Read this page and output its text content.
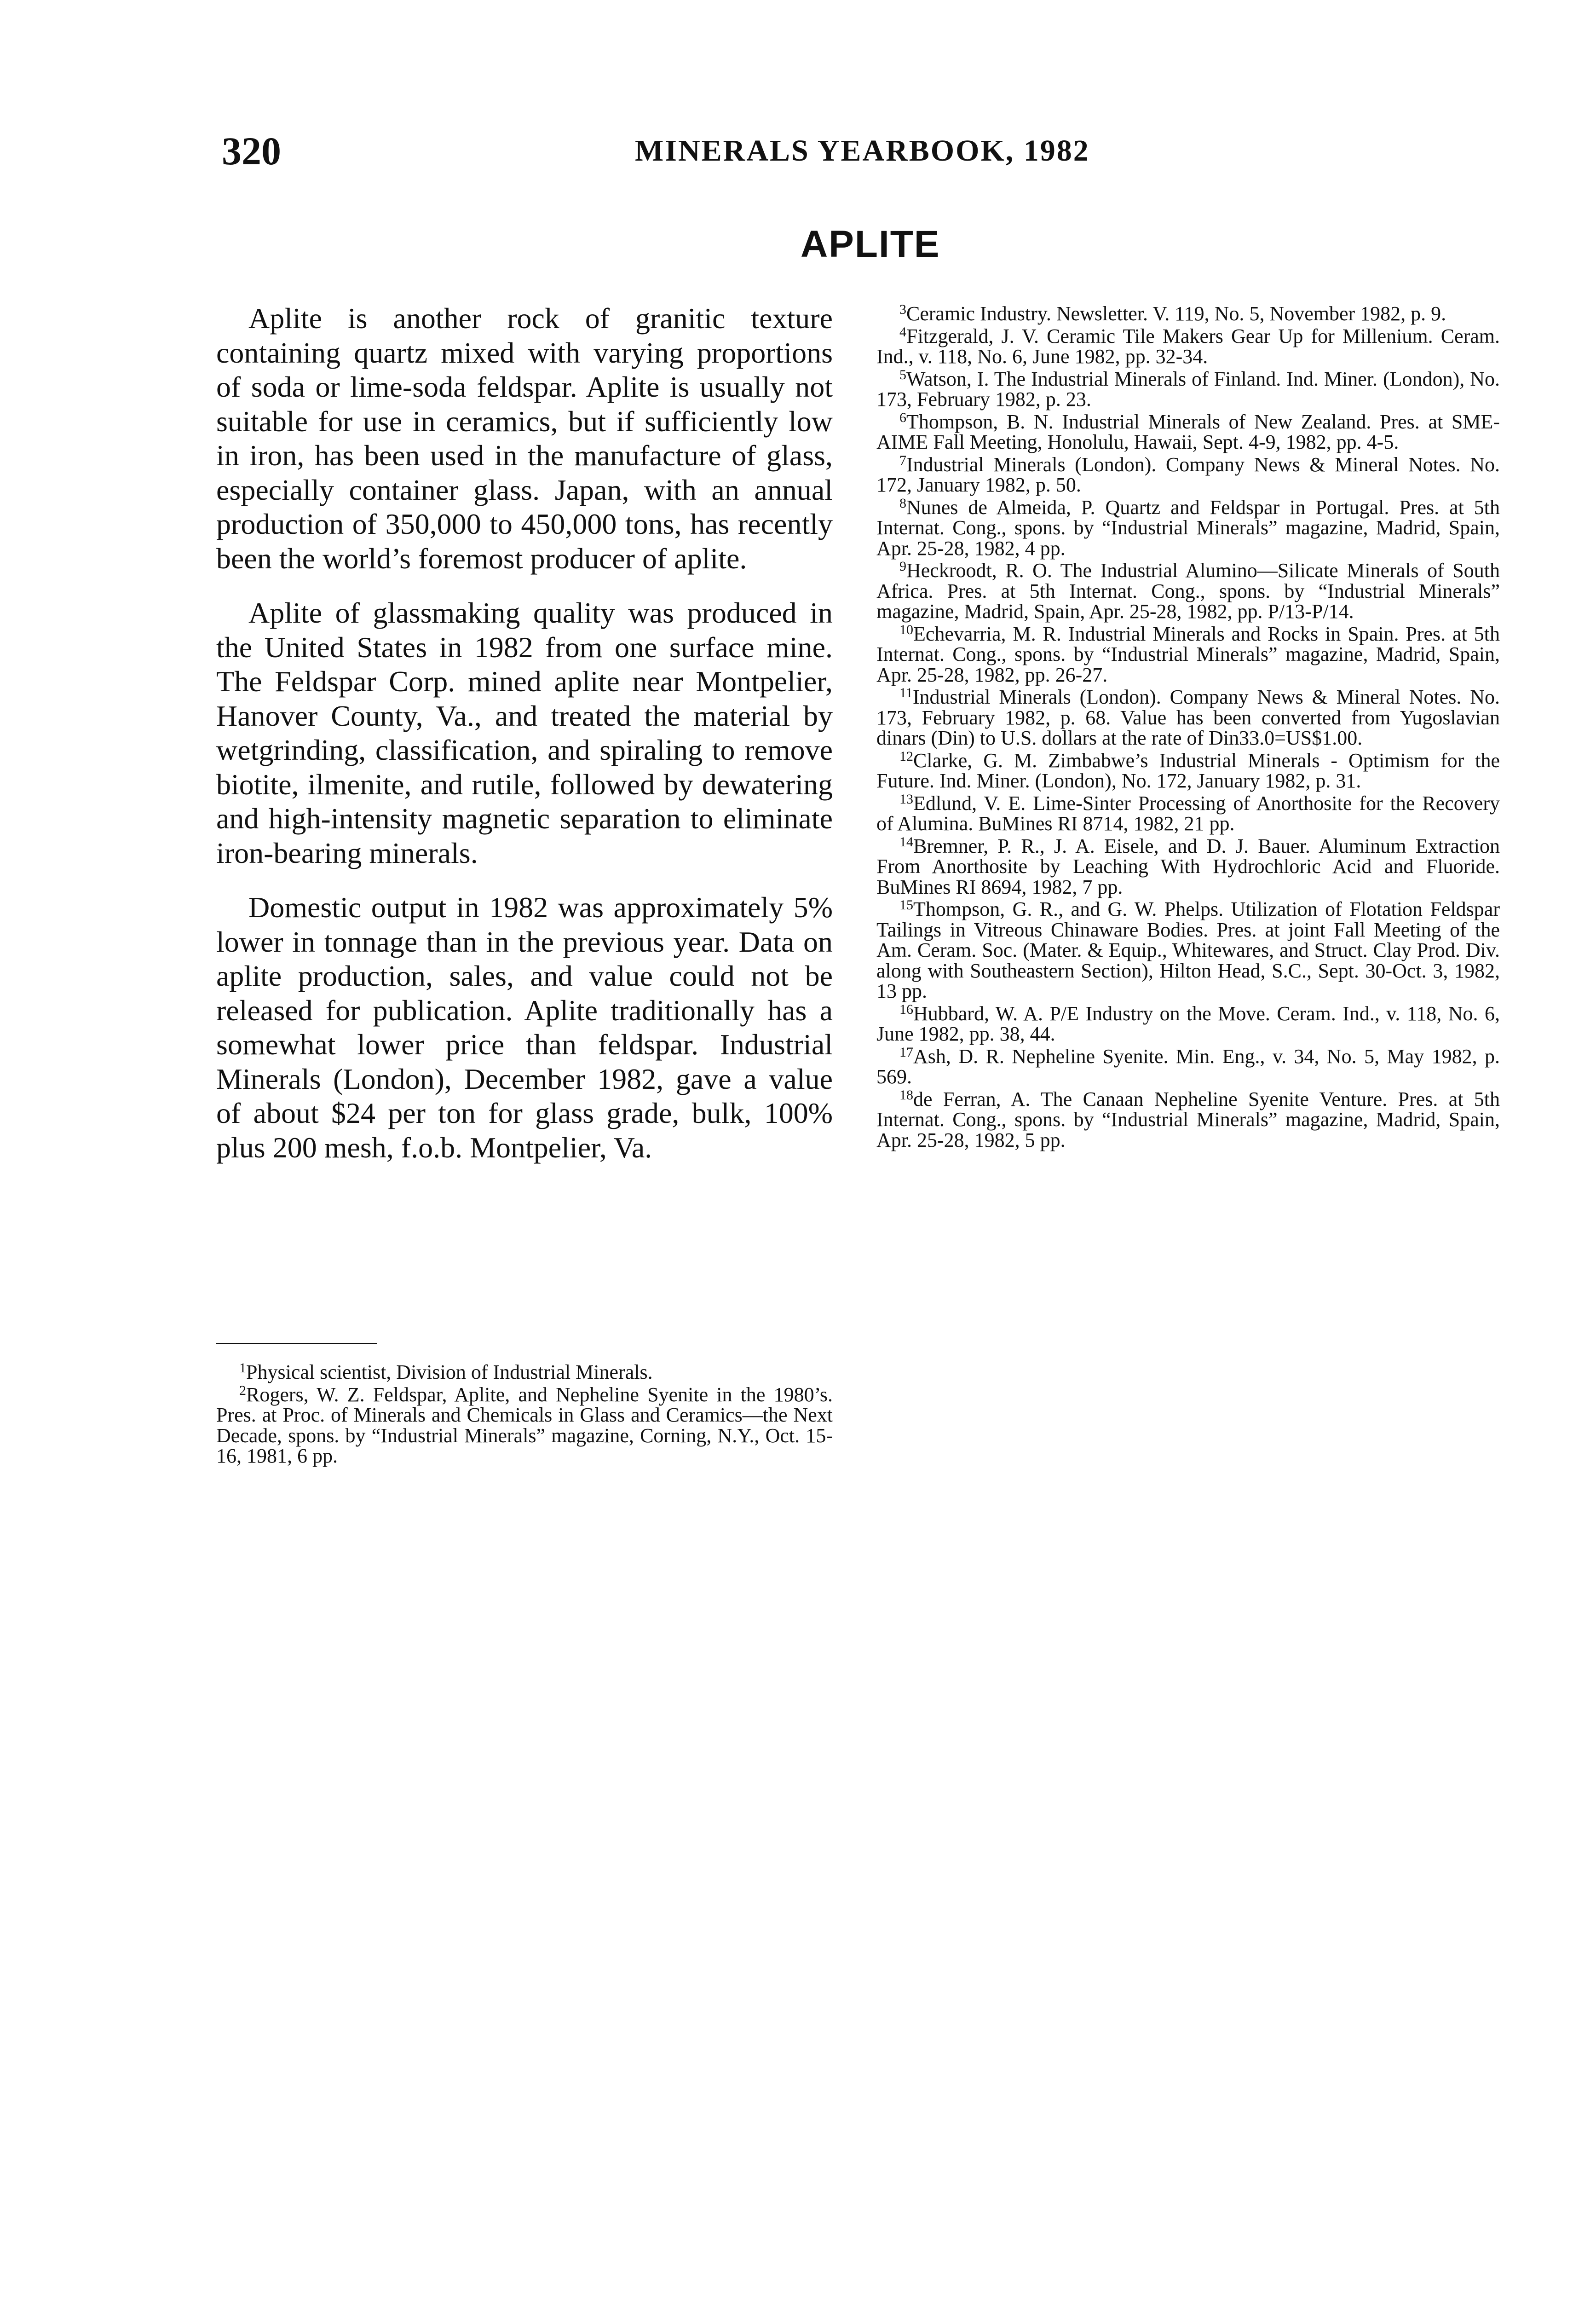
320	MINERALS YEARBOOK, 1982
APLITE

Aplite is another rock of granitic texture containing quartz mixed with varying proportions of soda or lime-soda feldspar. Aplite is usually not suitable for use in ceramics, but if sufficiently low in iron, has been used in the manufacture of glass, especially container glass. Japan, with an annual production of 350,000 to 450,000 tons, has recently been the world’s foremost producer of aplite.

Aplite of glassmaking quality was produced in the United States in 1982 from one surface mine. The Feldspar Corp. mined aplite near Montpelier, Hanover County, Va., and treated the material by wetgrinding, classification, and spiraling to remove biotite, ilmenite, and rutile, followed by dewatering and high-intensity magnetic separation to eliminate iron-bearing minerals.

Domestic output in 1982 was approximately 5% lower in tonnage than in the previous year. Data on aplite production, sales, and value could not be released for publication. Aplite traditionally has a somewhat lower price than feldspar. Industrial Minerals (London), December 1982, gave a value of about $24 per ton for glass grade, bulk, 100% plus 200 mesh, f.o.b. Montpelier, Va.

$^1$Physical scientist, Division of Industrial Minerals.

$^2$Rogers, W. Z. Feldspar, Aplite, and Nepheline Syenite in the 1980’s. Pres. at Proc. of Minerals and Chemicals in Glass and Ceramics—the Next Decade, spons. by “Industrial Minerals” magazine, Corning, N.Y., Oct. 15-16, 1981, 6 pp.

$^3$Ceramic Industry. Newsletter. V. 119, No. 5, November 1982, p. 9.

$^4$Fitzgerald, J. V. Ceramic Tile Makers Gear Up for Millenium. Ceram. Ind., v. 118, No. 6, June 1982, pp. 32-34.

$^5$Watson, I. The Industrial Minerals of Finland. Ind. Miner. (London), No. 173, February 1982, p. 23.

$^6$Thompson, B. N. Industrial Minerals of New Zealand. Pres. at SME-AIME Fall Meeting, Honolulu, Hawaii, Sept. 4-9, 1982, pp. 4-5.

$^7$Industrial Minerals (London). Company News & Mineral Notes. No. 172, January 1982, p. 50.

$^8$Nunes de Almeida, P. Quartz and Feldspar in Portugal. Pres. at 5th Internat. Cong., spons. by “Industrial Minerals” magazine, Madrid, Spain, Apr. 25-28, 1982, 4 pp.

$^9$Heckroodt, R. O. The Industrial Alumino—Silicate Minerals of South Africa. Pres. at 5th Internat. Cong., spons. by “Industrial Minerals” magazine, Madrid, Spain, Apr. 25-28, 1982, pp. P/13-P/14.

$^{10}$Echevarria, M. R. Industrial Minerals and Rocks in Spain. Pres. at 5th Internat. Cong., spons. by “Industrial Minerals” magazine, Madrid, Spain, Apr. 25-28, 1982, pp. 26-27.

$^{11}$Industrial Minerals (London). Company News & Mineral Notes. No. 173, February 1982, p. 68. Value has been converted from Yugoslavian dinars (Din) to U.S. dollars at the rate of Din33.0=US$1.00.

$^{12}$Clarke, G. M. Zimbabwe’s Industrial Minerals - Optimism for the Future. Ind. Miner. (London), No. 172, January 1982, p. 31.

$^{13}$Edlund, V. E. Lime-Sinter Processing of Anorthosite for the Recovery of Alumina. BuMines RI 8714, 1982, 21 pp.

$^{14}$Bremner, P. R., J. A. Eisele, and D. J. Bauer. Aluminum Extraction From Anorthosite by Leaching With Hydrochloric Acid and Fluoride. BuMines RI 8694, 1982, 7 pp.

$^{15}$Thompson, G. R., and G. W. Phelps. Utilization of Flotation Feldspar Tailings in Vitreous Chinaware Bodies. Pres. at joint Fall Meeting of the Am. Ceram. Soc. (Mater. & Equip., Whitewares, and Struct. Clay Prod. Div. along with Southeastern Section), Hilton Head, S.C., Sept. 30-Oct. 3, 1982, 13 pp.

$^{16}$Hubbard, W. A. P/E Industry on the Move. Ceram. Ind., v. 118, No. 6, June 1982, pp. 38, 44.

$^{17}$Ash, D. R. Nepheline Syenite. Min. Eng., v. 34, No. 5, May 1982, p. 569.

$^{18}$de Ferran, A. The Canaan Nepheline Syenite Venture. Pres. at 5th Internat. Cong., spons. by “Industrial Minerals” magazine, Madrid, Spain, Apr. 25-28, 1982, 5 pp.
